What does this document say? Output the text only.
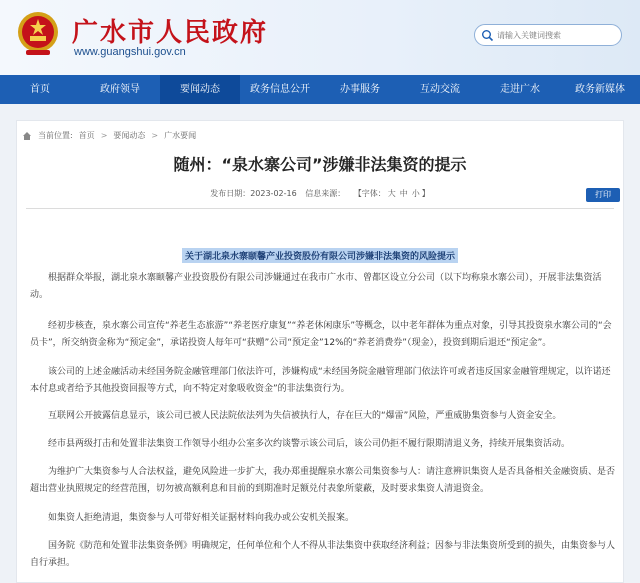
广水市人民政府
www.guangshui.gov.cn
请输入关键词搜索
首页	政府领导	要闻动态	政务信息公开	办事服务	互动交流	走进广水	政务新媒体
当前位置: 首页 > 要闻动态 > 广水要闻
随州：“泉水寨公司”涉嫌非法集资的提示
发布日期：2023-02-16 信息来源： 【字体： 大 中 小 】	打印
关于湖北泉水寨颐馨产业投资股份有限公司涉嫌非法集资的风险提示

根据群众举报，湖北泉水寨颐馨产业投资股份有限公司涉嫌通过在我市广水市、曾都区设立分公司（以下均称泉水寨公司），开展非法集资活动。

经初步核查，泉水寨公司宣传“养老生态旅游”“养老医疗康复”“养老休闲康乐”等概念，以中老年群体为重点对象，引导其投资泉水寨公司的“会员卡”，所交纳资金称为“预定金”，承诺投资人每年可“获赠”公司“预定金”12%的“养老消费券”（现金），投资到期后退还“预定金”。

该公司的上述金融活动未经国务院金融管理部门依法许可，涉嫌构成“未经国务院金融管理部门依法许可或者违反国家金融管理规定，以许诺还本付息或者给予其他投资回报等方式，向不特定对象吸收资金”的非法集资行为。

互联网公开披露信息显示，该公司已被人民法院依法列为失信被执行人，存在巨大的“爆雷”风险，严重威胁集资参与人资金安全。

经市县两级打击和处置非法集资工作领导小组办公室多次约谈警示该公司后，该公司仍拒不履行限期清退义务，持续开展集资活动。

为维护广大集资参与人合法权益，避免风险进一步扩大，我办郑重提醒泉水寨公司集资参与人：请注意辨识集资人是否具备相关金融资质、是否超出营业执照规定的经营范围，切勿被高额利息和目前的到期准时足额兑付表象所蒙蔽，及时要求集资人清退资金。

如集资人拒绝清退，集资参与人可带好相关证据材料向我办或公安机关报案。

国务院《防范和处置非法集资条例》明确规定，任何单位和个人不得从非法集资中获取经济利益；因参与非法集资所受到的损失，由集资参与人自行承担。
